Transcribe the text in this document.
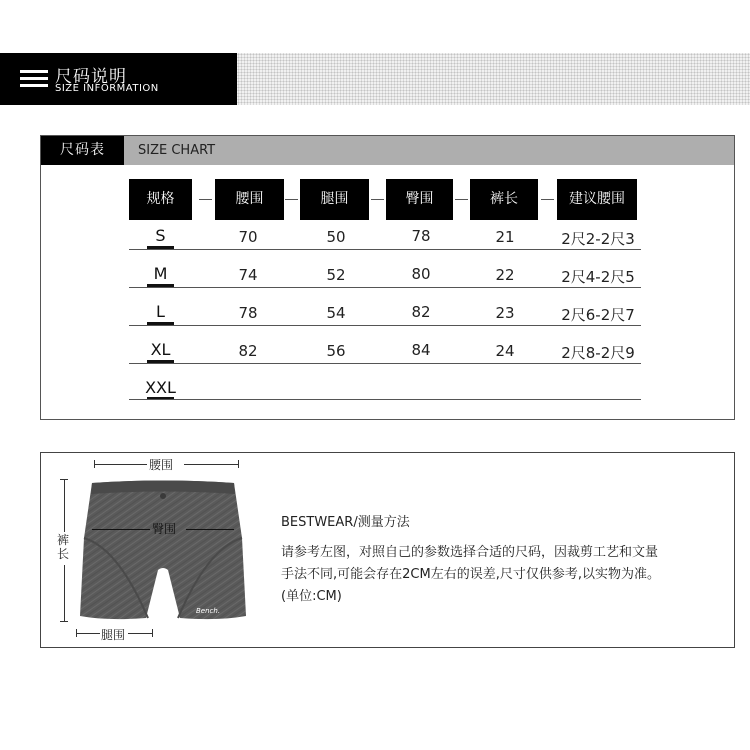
尺码说明
SIZE INFORMATION
尺码表	SIZE CHART
规格	腰围	腿围	臀围	裤长	建议腰围
S	70	50	78	21	2尺2-2尺3
M	74	52	80	22	2尺4-2尺5
L	78	54	82	23	2尺6-2尺7
XL	82	56	84	24	2尺8-2尺9
XXL
腰围
Bench.
臀围
裤长
腿围
BESTWEAR/测量方法
请参考左图，对照自己的参数选择合适的尺码，因裁剪工艺和文量
手法不同,可能会存在2CM左右的误差,尺寸仅供参考,以实物为准。
(单位:CM)
